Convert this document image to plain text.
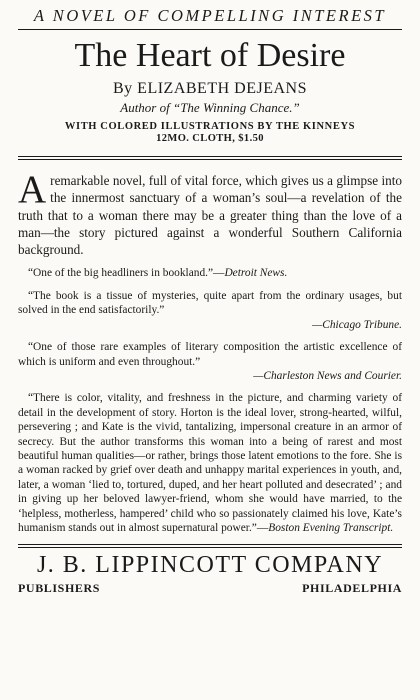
A NOVEL OF COMPELLING INTEREST
The Heart of Desire
By ELIZABETH DEJEANS
Author of “The Winning Chance.”
WITH COLORED ILLUSTRATIONS BY THE KINNEYS
12MO. CLOTH, $1.50

Aremarkable novel, full of vital force, which gives us a glimpse into the innermost sanctuary of a woman’s soul—a revelation of the truth that to a woman there may be a greater thing than the love of a man—the story pictured against a wonderful Southern California background.

“One of the big headliners in bookland.”—Detroit News.

“The book is a tissue of mysteries, quite apart from the ordinary usages, but solved in the end satisfactorily.”

—Chicago Tribune.

“One of those rare examples of literary composition the artistic excellence of which is uniform and even throughout.”

—Charleston News and Courier.

“There is color, vitality, and freshness in the picture, and charming variety of detail in the development of story. Horton is the ideal lover, strong-hearted, wilful, persevering ; and Kate is the vivid, tantalizing, impersonal creature in an armor of secrecy. But the author transforms this woman into a being of rarest and most beautiful human qualities—or rather, brings those latent emotions to the fore. She is a woman racked by grief over death and unhappy marital experiences in youth, and, later, a woman ‘lied to, tortured, duped, and her heart polluted and desecrated’ ; and in giving up her beloved lawyer-friend, whom she would have married, to the ‘helpless, motherless, hampered’ child who so passionately claimed his love, Kate’s humanism stands out in almost supernatural power.”—Boston Evening Transcript.

J. B. LIPPINCOTT COMPANY
PUBLISHERS	PHILADELPHIA
